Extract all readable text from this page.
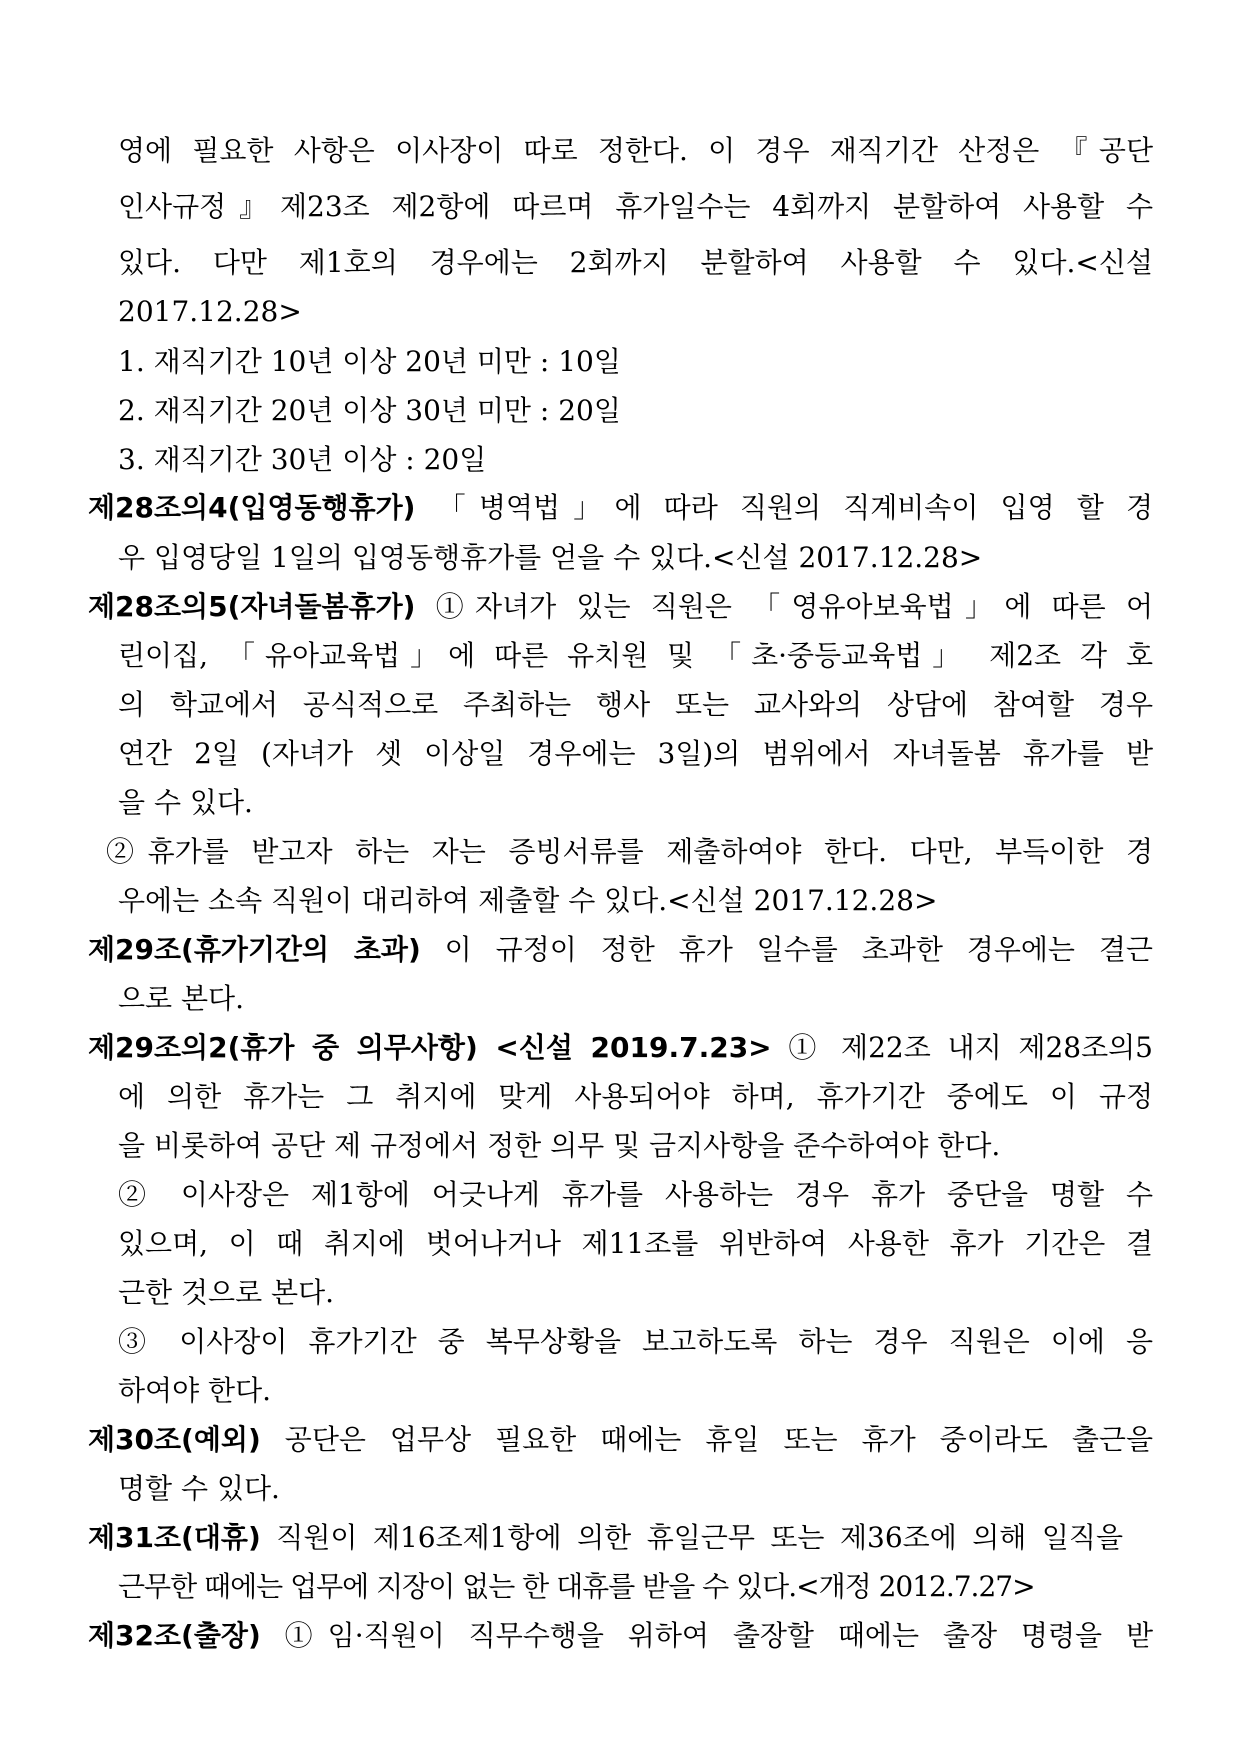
영에 필요한 사항은 이사장이 따로 정한다. 이 경우 재직기간 산정은 『공단
인사규정』제23조 제2항에 따르며 휴가일수는 4회까지 분할하여 사용할 수
있다. 다만 제1호의 경우에는 2회까지 분할하여 사용할 수 있다.<신설
2017.12.28>
1. 재직기간 10년 이상 20년 미만 : 10일
2. 재직기간 20년 이상 30년 미만 : 20일
3. 재직기간 30년 이상 : 20일
제28조의4(입영동행휴가) 「병역법」에 따라 직원의 직계비속이 입영 할 경
우 입영당일 1일의 입영동행휴가를 얻을 수 있다.<신설 2017.12.28>
제28조의5(자녀돌봄휴가) ①자녀가 있는 직원은 「영유아보육법」에 따른 어
린이집, 「유아교육법」에 따른 유치원 및 「초·중등교육법」 제2조 각 호
의 학교에서 공식적으로 주최하는 행사 또는 교사와의 상담에 참여할 경우
연간 2일 (자녀가 셋 이상일 경우에는 3일)의 범위에서 자녀돌봄 휴가를 받
을 수 있다.
②휴가를 받고자 하는 자는 증빙서류를 제출하여야 한다. 다만, 부득이한 경
우에는 소속 직원이 대리하여 제출할 수 있다.<신설 2017.12.28>
제29조(휴가기간의 초과) 이 규정이 정한 휴가 일수를 초과한 경우에는 결근
으로 본다.
제29조의2(휴가 중 의무사항) <신설 2019.7.23> ① 제22조 내지 제28조의5
에 의한 휴가는 그 취지에 맞게 사용되어야 하며, 휴가기간 중에도 이 규정
을 비롯하여 공단 제 규정에서 정한 의무 및 금지사항을 준수하여야 한다.
② 이사장은 제1항에 어긋나게 휴가를 사용하는 경우 휴가 중단을 명할 수
있으며, 이 때 취지에 벗어나거나 제11조를 위반하여 사용한 휴가 기간은 결
근한 것으로 본다.
③ 이사장이 휴가기간 중 복무상황을 보고하도록 하는 경우 직원은 이에 응
하여야 한다.
제30조(예외) 공단은 업무상 필요한 때에는 휴일 또는 휴가 중이라도 출근을
명할 수 있다.
제31조(대휴) 직원이 제16조제1항에 의한 휴일근무 또는 제36조에 의해 일직을
근무한 때에는 업무에 지장이 없는 한 대휴를 받을 수 있다.<개정 2012.7.27>
제32조(출장) ①임·직원이 직무수행을 위하여 출장할 때에는 출장 명령을 받
